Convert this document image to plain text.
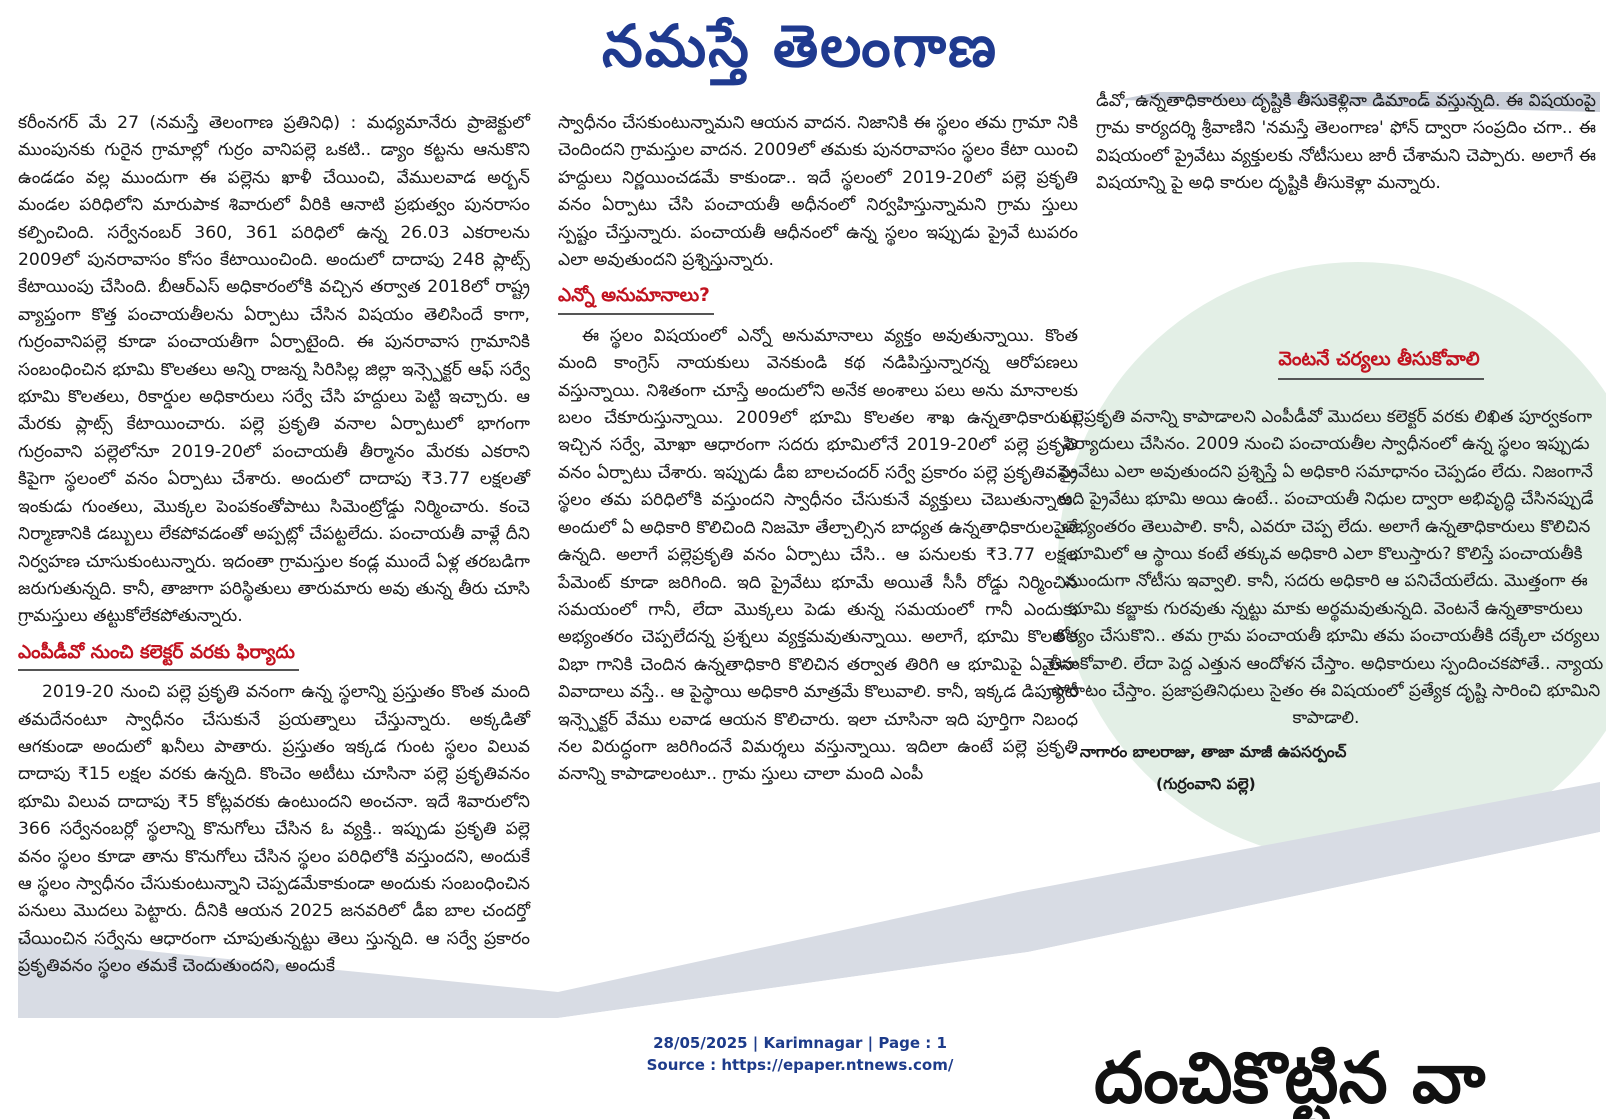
నమస్తే తెలంగాణ

కరీంనగర్ మే 27 (నమస్తే తెలంగాణ ప్రతినిధి) : మధ్యమానేరు ప్రాజెక్టులో ముంపునకు గురైన గ్రామాల్లో గుర్రం వానిపల్లె ఒకటి.. డ్యాం కట్టను ఆనుకొని ఉండడం వల్ల ముందుగా ఈ పల్లెను ఖాళీ చేయించి, వేములవాడ అర్బన్ మండల పరిధిలోని మారుపాక శివారులో వీరికి ఆనాటి ప్రభుత్వం పునరాసం కల్పించింది. సర్వేనంబర్ 360, 361 పరిధిలో ఉన్న 26.03 ఎకరాలను 2009లో పునరావాసం కోసం కేటాయించింది. అందులో దాదాపు 248 ప్లాట్స్ కేటాయింపు చేసింది. బీఆర్ఎస్ అధికారంలోకి వచ్చిన తర్వాత 2018లో రాష్ట్ర వ్యాప్తంగా కొత్త పంచాయతీలను ఏర్పాటు చేసిన విషయం తెలిసిందే కాగా, గుర్రంవానిపల్లె కూడా పంచాయతీగా ఏర్పాటైంది. ఈ పునరావాస గ్రామానికి సంబంధించిన భూమి కొలతలు అన్ని రాజన్న సిరిసిల్ల జిల్లా ఇన్స్పెక్టర్ ఆఫ్ సర్వే భూమి కొలతలు, రికార్డుల అధికారులు సర్వే చేసి హద్దులు పెట్టి ఇచ్చారు. ఆ మేరకు ప్లాట్స్ కేటాయించారు. పల్లె ప్రకృతి వనాల ఏర్పాటులో భాగంగా గుర్రంవాని పల్లెలోనూ 2019-20లో పంచాయతీ తీర్మానం మేరకు ఎకరాని కిపైగా స్థలంలో వనం ఏర్పాటు చేశారు. అందులో దాదాపు ₹3.77 లక్షలతో ఇంకుడు గుంతలు, మొక్కల పెంపకంతోపాటు సిమెంట్రోడ్డు నిర్మించారు. కంచె నిర్మాణానికి డబ్బులు లేకపోవడంతో అప్పట్లో చేపట్టలేదు. పంచాయతీ వాళ్లే దీని నిర్వహణ చూసుకుంటున్నారు. ఇదంతా గ్రామస్తుల కండ్ల ముందే ఏళ్ల తరబడిగా జరుగుతున్నది. కానీ, తాజాగా పరిస్థితులు తారుమారు అవు తున్న తీరు చూసి గ్రామస్తులు తట్టుకోలేకపోతున్నారు.

ఎంపీడీవో నుంచి కలెక్టర్ వరకు ఫిర్యాదు

2019-20 నుంచి పల్లె ప్రకృతి వనంగా ఉన్న స్థలాన్ని ప్రస్తుతం కొంత మంది తమదేనంటూ స్వాధీనం చేసుకునే ప్రయత్నాలు చేస్తున్నారు. అక్కడితో ఆగకుండా అందులో ఖనీలు పాతారు. ప్రస్తుతం ఇక్కడ గుంట స్థలం విలువ దాదాపు ₹15 లక్షల వరకు ఉన్నది. కొంచెం అటీటు చూసినా పల్లె ప్రకృతివనం భూమి విలువ దాదాపు ₹5 కోట్లవరకు ఉంటుందని అంచనా. ఇదే శివారులోని 366 సర్వేనంబర్లో స్థలాన్ని కొనుగోలు చేసిన ఓ వ్యక్తి.. ఇప్పుడు ప్రకృతి పల్లె వనం స్థలం కూడా తాను కొనుగోలు చేసిన స్థలం పరిధిలోకి వస్తుందని, అందుకే ఆ స్థలం స్వాధీనం చేసుకుంటున్నాని చెప్పడమేకాకుండా అందుకు సంబంధించిన పనులు మొదలు పెట్టారు. దీనికి ఆయన 2025 జనవరిలో డీఐ బాల చందర్తో చేయించిన సర్వేను ఆధారంగా చూపుతున్నట్టు తెలు స్తున్నది. ఆ సర్వే ప్రకారం ప్రకృతివనం స్థలం తమకే చెందుతుందని, అందుకే

స్వాధీనం చేసకుంటున్నామని ఆయన వాదన. నిజానికి ఈ స్థలం తమ గ్రామా నికి చెందిందని గ్రామస్తుల వాదన. 2009లో తమకు పునరావాసం స్థలం కేటా యించి హద్దులు నిర్ణయించడమే కాకుండా.. ఇదే స్థలంలో 2019-20లో పల్లె ప్రకృతి వనం ఏర్పాటు చేసి పంచాయతీ అధీనంలో నిర్వహిస్తున్నామని గ్రామ స్తులు స్పష్టం చేస్తున్నారు. పంచాయతీ ఆధీనంలో ఉన్న స్థలం ఇప్పుడు ప్రైవే టుపరం ఎలా అవుతుందని ప్రశ్నిస్తున్నారు.

ఎన్నో అనుమానాలు?

ఈ స్థలం విషయంలో ఎన్నో అనుమానాలు వ్యక్తం అవుతున్నాయి. కొంత మంది కాంగ్రెస్ నాయకులు వెనకుండి కథ నడిపిస్తున్నారన్న ఆరోపణలు వస్తున్నాయి. నిశితంగా చూస్తే అందులోని అనేక అంశాలు పలు అను మానాలకు బలం చేకూరుస్తున్నాయి. 2009లో భూమి కొలతల శాఖ ఉన్నతాధికారులు ఇచ్చిన సర్వే, మోఖా ఆధారంగా సదరు భూమిలోనే 2019-20లో పల్లె ప్రకృతి వనం ఏర్పాటు చేశారు. ఇప్పుడు డీఐ బాలచందర్ సర్వే ప్రకారం పల్లె ప్రకృతివనం స్థలం తమ పరిధిలోకి వస్తుందని స్వాధీనం చేసుకునే వ్యక్తులు చెబుతున్నారు. అందులో ఏ అధికారి కొలిచింది నిజమో తేల్చాల్సిన బాధ్యత ఉన్నతాధికారులపైనే ఉన్నది. అలాగే పల్లెప్రకృతి వనం ఏర్పాటు చేసి.. ఆ పనులకు ₹3.77 లక్షల పేమెంట్ కూడా జరిగింది. ఇది ప్రైవేటు భూమే అయితే సీసీ రోడ్డు నిర్మించిన సమయంలో గానీ, లేదా మొక్కలు పెడు తున్న సమయంలో గానీ ఎందుకు అభ్యంతరం చెప్పలేదన్న ప్రశ్నలు వ్యక్తమవుతున్నాయి. అలాగే, భూమి కొలతల విభా గానికి చెందిన ఉన్నతాధికారి కొలిచిన తర్వాత తిరిగి ఆ భూమిపై ఏమైనా వివాదాలు వస్తే.. ఆ పైస్థాయి అధికారి మాత్రమే కొలువాలి. కానీ, ఇక్కడ డిప్యూటీ ఇన్స్పెక్టర్ వేము లవాడ ఆయన కొలిచారు. ఇలా చూసినా ఇది పూర్తిగా నిబంధ నల విరుద్ధంగా జరిగిందనే విమర్శలు వస్తున్నాయి. ఇదిలా ఉంటే పల్లె ప్రకృతి వనాన్ని కాపాడాలంటూ.. గ్రామ స్తులు చాలా మంది ఎంపీ

డీవో, ఉన్నతాధికారులు దృష్టికి తీసుకెళ్లినా డిమాండ్ వస్తున్నది. ఈ విషయంపై గ్రామ కార్యదర్శి శ్రీవాణిని 'నమస్తే తెలంగాణ' ఫోన్ ద్వారా సంప్రదిం చగా.. ఈ విషయంలో ప్రైవేటు వ్యక్తులకు నోటీసులు జారీ చేశామని చెప్పారు. అలాగే ఈ విషయాన్ని పై అధి కారుల దృష్టికి తీసుకెళ్లా మన్నారు.

వెంటనే చర్యలు తీసుకోవాలి
పల్లెప్రకృతి వనాన్ని కాపాడాలని ఎంపీడీవో మొదలు కలెక్టర్ వరకు లిఖిత పూర్వకంగా ఫిర్యాదులు చేసినం. 2009 నుంచి పంచాయతీల స్వాధీనంలో ఉన్న స్థలం ఇప్పుడు ప్రైవేటు ఎలా అవుతుందని ప్రశ్నిస్తే ఏ అధికారి సమాధానం చెప్పడం లేదు. నిజంగానే అది ప్రైవేటు భూమి అయి ఉంటే.. పంచాయతీ నిధుల ద్వారా అభివృద్ధి చేసినప్పుడే అభ్యంతరం తెలుపాలి. కానీ, ఎవరూ చెప్ప లేదు. అలాగే ఉన్నతాధికారులు కొలిచిన భూమిలో ఆ స్థాయి కంటే తక్కువ అధికారి ఎలా కొలుస్తారు? కొలిస్తే పంచాయతీకి ముందుగా నోటీసు ఇవ్వాలి. కానీ, సదరు అధికారి ఆ పనిచేయలేదు. మొత్తంగా ఈ భూమి కబ్జాకు గురవుతు న్నట్టు మాకు అర్థమవుతున్నది. వెంటనే ఉన్నతాకారులు జోక్యం చేసుకొని.. తమ గ్రామ పంచాయతీ భూమి తమ పంచాయతీకి దక్కేలా చర్యలు తీసుకోవాలి. లేదా పెద్ద ఎత్తున ఆందోళన చేస్తాం. అధికారులు స్పందించకపోతే.. న్యాయ పోరాటం చేస్తాం. ప్రజాప్రతినిధులు సైతం ఈ విషయంలో ప్రత్యేక దృష్టి సారించి భూమిని కాపాడాలి.
- నాగారం బాలరాజు, తాజా మాజీ ఉపసర్పంచ్
(గుర్రంవాని పల్లె)
దంచికొట్టిన వా
28/05/2025 | Karimnagar | Page : 1
Source : https://epaper.ntnews.com/
